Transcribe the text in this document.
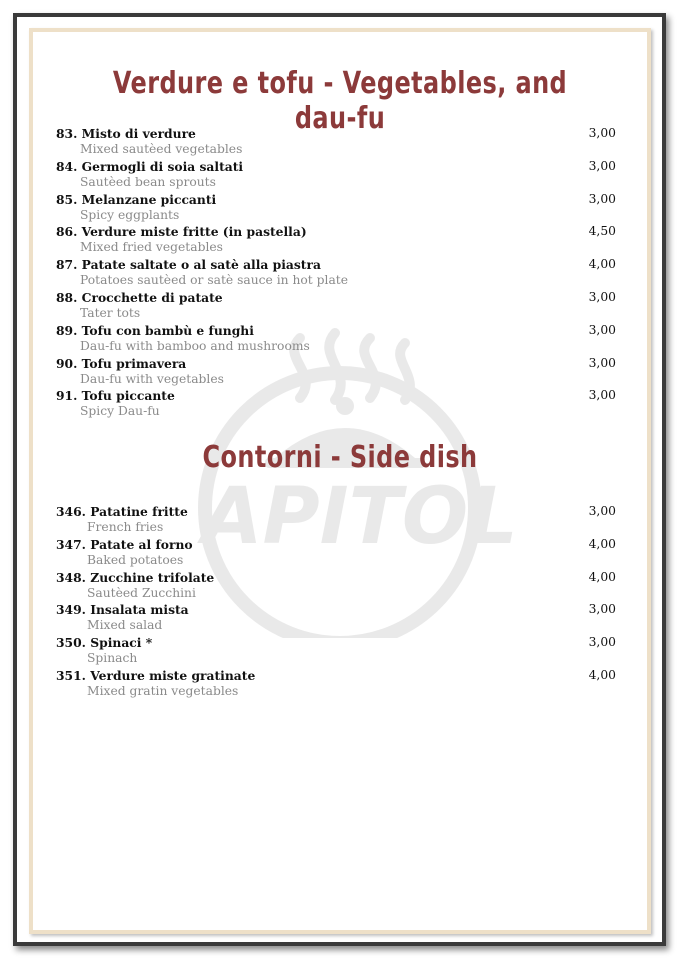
Verdure e tofu - Vegetables, and dau-fu
83. Misto di verdure	3,00
Mixed sautèed vegetables
84. Germogli di soia saltati	3,00
Sautèed bean sprouts
85. Melanzane piccanti	3,00
Spicy eggplants
86. Verdure miste fritte (in pastella)	4,50
Mixed fried vegetables
87. Patate saltate o al satè alla piastra	4,00
Potatoes sautèed or satè sauce in hot plate
88. Crocchette di patate	3,00
Tater tots
89. Tofu con bambù e funghi	3,00
Dau-fu with bamboo and mushrooms
90. Tofu primavera	3,00
Dau-fu with vegetables
91. Tofu piccante	3,00
Spicy Dau-fu
Contorni - Side dish
346. Patatine fritte	3,00
French fries
347. Patate al forno	4,00
Baked potatoes
348. Zucchine trifolate	4,00
Sautèed Zucchini
349. Insalata mista	3,00
Mixed salad
350. Spinaci *	3,00
Spinach
351. Verdure miste gratinate	4,00
Mixed gratin vegetables
